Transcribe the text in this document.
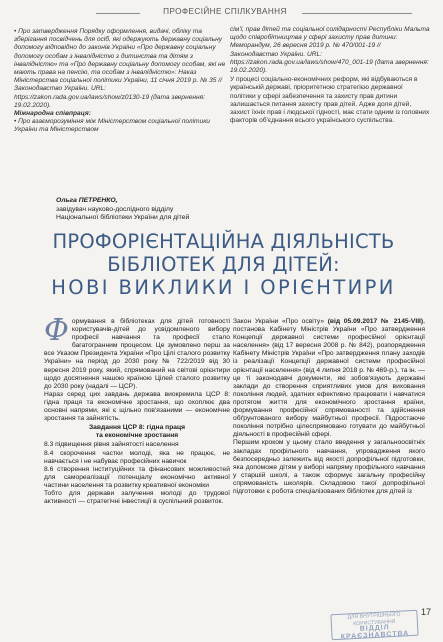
ПРОФЕСІЙНЕ СПІЛКУВАННЯ

• Про затвердження Порядку оформлення, видачі, обліку та зберігання посвідчень для осіб, які одержують державну соціальну допомогу відповідно до законів України «Про державну соціальну допомогу особам з інвалідністю з дитинства та дітям з інвалідністю» та «Про державну соціальну допомогу особам, які не мають права на пенсію, та особам з інвалідністю»: Наказ Міністерства соціальної політики України, 11 січня 2019 р. № 35 // Законодавство України. URL: https://zakon.rada.gov.ua/laws/show/z0130-19 (дата звернення: 19.02.2020).

Міжнародна співпраця:

• Про взаєморозуміння між Міністерством соціальної політики України та Міністерством

сім'ї, прав дітей та соціальної солідарності Республіки Мальта щодо співробітництва у сфері захисту прав дитини: Меморандум, 26 вересня 2019 р. № 470/001-19 // Законодавство України. URL: https://zakon.rada.gov.ua/laws/show/470_001-19 (дата звернення: 19.02.2020).

У процесі соціально-економічних реформ, які відбуваються в українській державі, пріоритетною стратегією державної політики у сфері забезпечення та захисту прав дитини залишається питання захисту прав дітей. Адже доля дітей, захист їхніх прав і людської гідності, має стати одним із головних факторів об'єднання всього українського суспільства.

Ольга ПЕТРЕНКО,
завідувач науково-дослідного відділу
Національної бібліотеки України для дітей
ПРОФОРІЄНТАЦІЙНА ДІЯЛЬНІСТЬ
БІБЛІОТЕК ДЛЯ ДІТЕЙ:
НОВІ ВИКЛИКИ І ОРІЄНТИРИ

Формування в бібліотеках для дітей готовності користувачів-дітей до усвідомленого вибору професії навчання та професії стало багатогранним процесом. Це зумовлено перш за все Указом Президента України «Про Цілі сталого розвитку України» на період до 2030 року № 722/2019 від 30 вересня 2019 року, який, спрямований на світові орієнтири щодо досягнення нашою країною Цілей сталого розвитку до 2030 року (надалі — ЦСР).

Нараз серед цих завдань держава виокремила ЦСР 8: гідна праця та економічне зростання, що охоплює два основні напрями, які є щільно пов'язаними — економічне зростання та зайнятість.

Завдання ЦСР 8: гідна праця
та економічне зростання

8.3 підвищення рівня зайнятості населення

8.4 скорочення частки молоді, яка не працює, не навчається і не набуває професійних навичок

8.6 створення інституційних та фінансових можливостей для самореалізації потенціалу економічно активної частини населення та розвитку креативної економіки

Тобто для держави залучення молоді до трудової активності — стратегічні інвестиції в суспільний розвиток.

Закон України «Про освіту» (від 05.09.2017 № 2145-VIII), постанова Кабінету Міністрів України «Про затвердження Концепції державної системи професійної орієнтації населення» (від 17 вересня 2008 р. № 842), розпорядження Кабінету Міністрів України «Про затвердження плану заходів із реалізації Концепції державної системи професійної орієнтації населення» (від 4 липня 2018 р. № 469-р.), та ін. — це ті законодавчі документи, які зобов'язують державні заклади до створення сприятливих умов для виховання покоління людей, здатних ефективно працювати і навчатися протягом життя для економічного зростання країни, формування професійної спрямованості та здійснення обґрунтованого вибору майбутньої професії. Підростаюче покоління потрібно цілеспрямовано готувати до майбутньої діяльності в професійній сфері.

Першим кроком у цьому стало введення у загальноосвітніх закладах профільного навчання, упровадження якого безпосередньо залежить від якості допрофільної підготовки, яка допоможе дітям у виборі напряму профільного навчання у старшій школі, а також сформує загальну професійну спрямованість школярів. Складовою такої допрофільної підготовки є робота спеціалізованих бібліотек для дітей із

17
ДЛЯ ВНУТРІШНЬОГО КОРИСТУВАННЯ
ВІДДІЛ КРАЄЗНАВСТВА
